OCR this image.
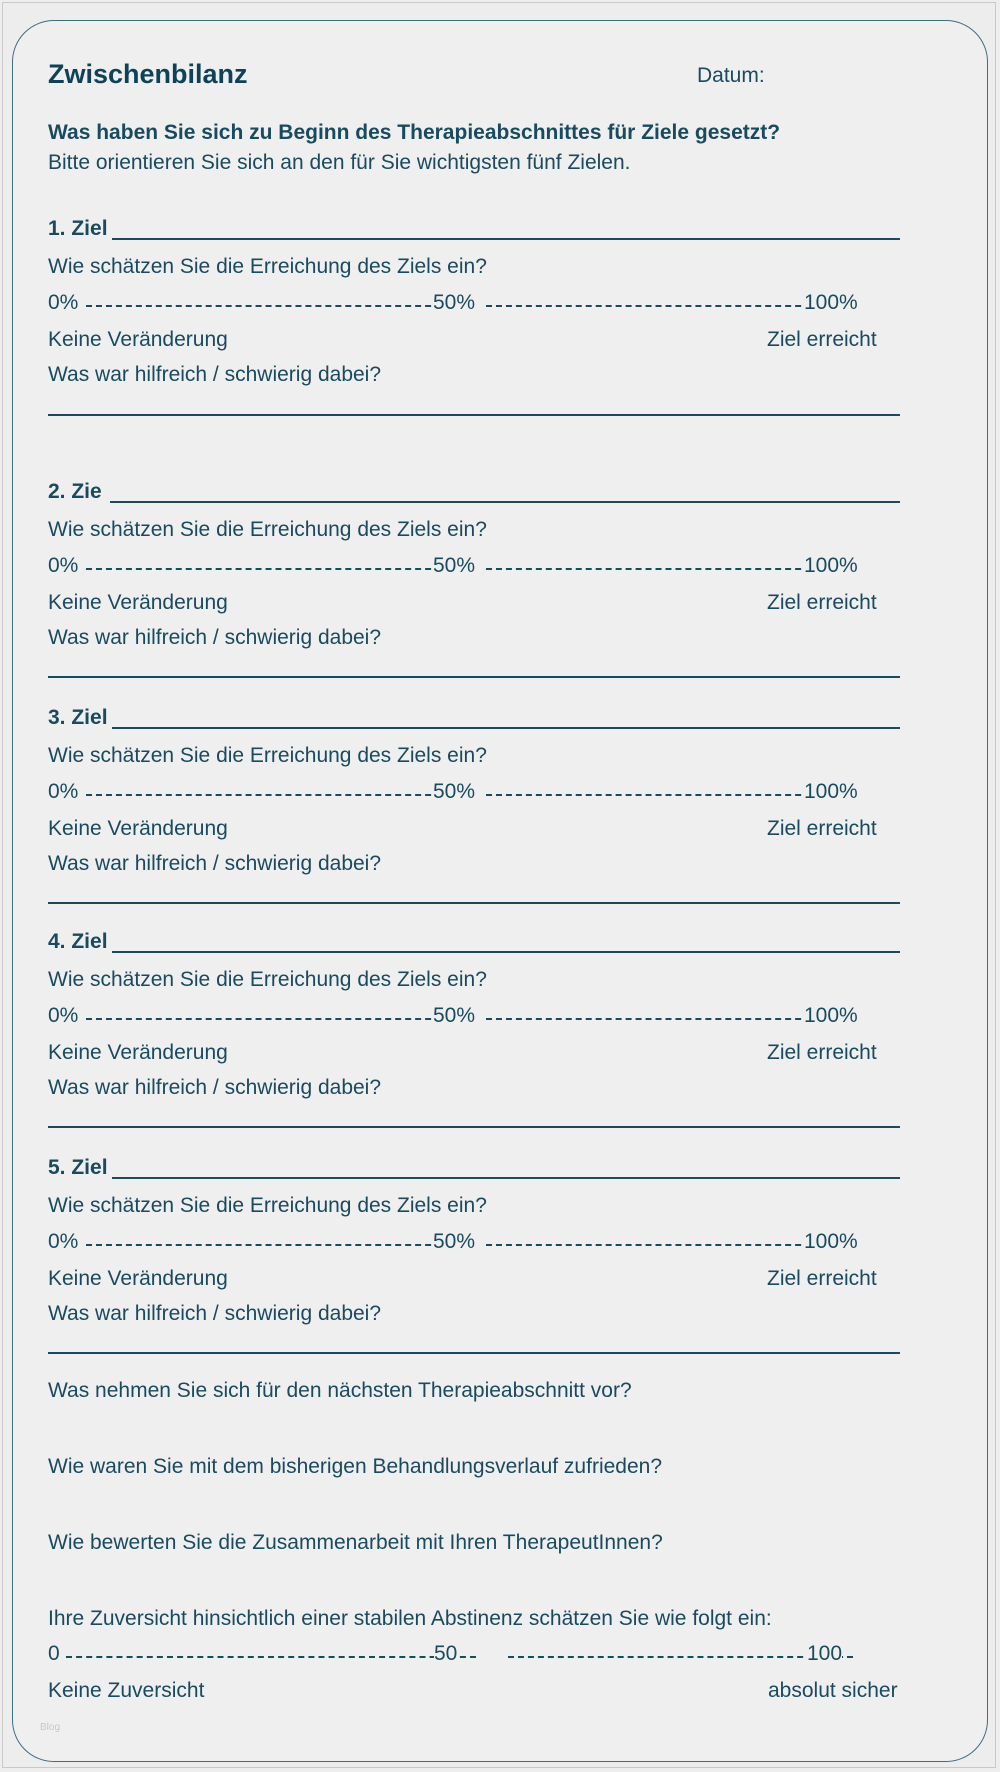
Zwischenbilanz	Datum:
Was haben Sie sich zu Beginn des Therapieabschnittes für Ziele gesetzt?
Bitte orientieren Sie sich an den für Sie wichtigsten fünf Zielen.
1. Ziel
Wie schätzen Sie die Erreichung des Ziels ein?
0%	50%	100%
Keine Veränderung	Ziel erreicht
Was war hilfreich / schwierig dabei?
2. Zie
Wie schätzen Sie die Erreichung des Ziels ein?
0%	50%	100%
Keine Veränderung	Ziel erreicht
Was war hilfreich / schwierig dabei?
3. Ziel
Wie schätzen Sie die Erreichung des Ziels ein?
0%	50%	100%
Keine Veränderung	Ziel erreicht
Was war hilfreich / schwierig dabei?
4. Ziel
Wie schätzen Sie die Erreichung des Ziels ein?
0%	50%	100%
Keine Veränderung	Ziel erreicht
Was war hilfreich / schwierig dabei?
5. Ziel
Wie schätzen Sie die Erreichung des Ziels ein?
0%	50%	100%
Keine Veränderung	Ziel erreicht
Was war hilfreich / schwierig dabei?
Was nehmen Sie sich für den nächsten Therapieabschnitt vor?
Wie waren Sie mit dem bisherigen Behandlungsverlauf zufrieden?
Wie bewerten Sie die Zusammenarbeit mit Ihren TherapeutInnen?
Ihre Zuversicht hinsichtlich einer stabilen Abstinenz schätzen Sie wie folgt ein:
0	50	100
Keine Zuversicht	absolut sicher
Blog
